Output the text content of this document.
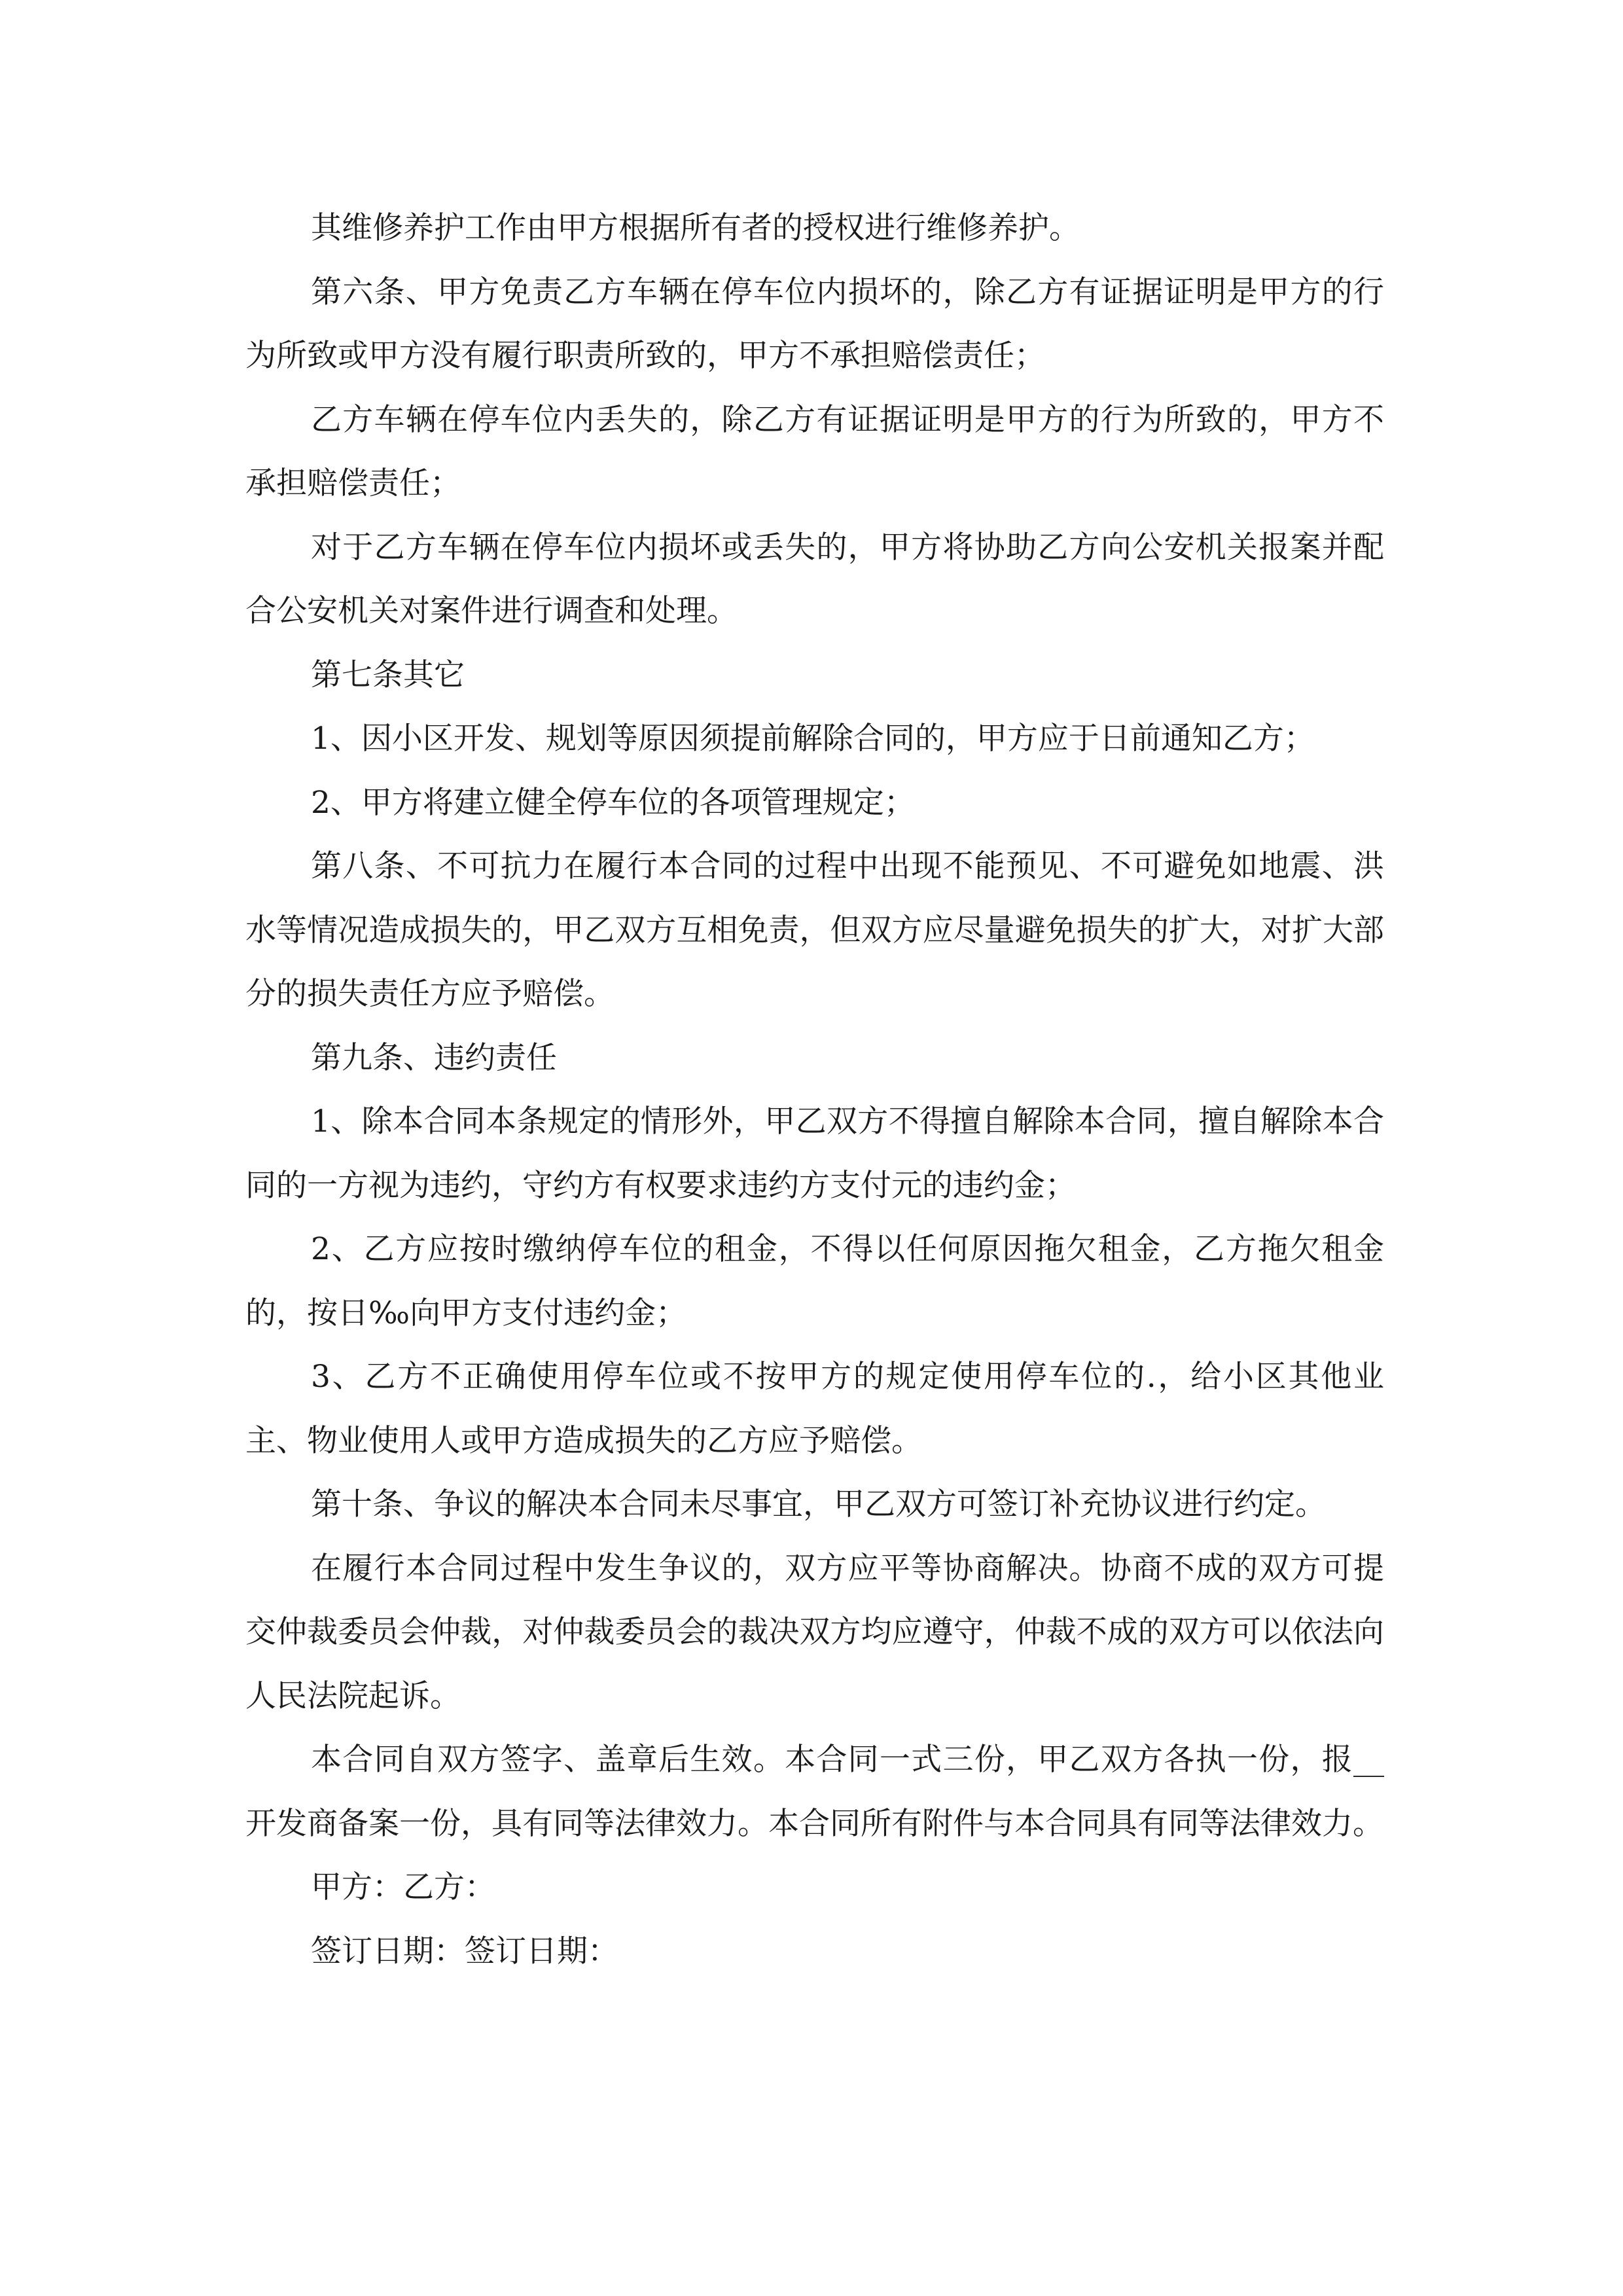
其维修养护工作由甲方根据所有者的授权进行维修养护。

第六条、甲方免责乙方车辆在停车位内损坏的，除乙方有证据证明是甲方的行为所致或甲方没有履行职责所致的，甲方不承担赔偿责任；

乙方车辆在停车位内丢失的，除乙方有证据证明是甲方的行为所致的，甲方不承担赔偿责任；

对于乙方车辆在停车位内损坏或丢失的，甲方将协助乙方向公安机关报案并配合公安机关对案件进行调查和处理。

第七条其它

1、因小区开发、规划等原因须提前解除合同的，甲方应于日前通知乙方；

2、甲方将建立健全停车位的各项管理规定；

第八条、不可抗力在履行本合同的过程中出现不能预见、不可避免如地震、洪水等情况造成损失的，甲乙双方互相免责，但双方应尽量避免损失的扩大，对扩大部分的损失责任方应予赔偿。

第九条、违约责任

1、除本合同本条规定的情形外，甲乙双方不得擅自解除本合同，擅自解除本合同的一方视为违约，守约方有权要求违约方支付元的违约金；

2、乙方应按时缴纳停车位的租金，不得以任何原因拖欠租金，乙方拖欠租金的，按日‰向甲方支付违约金；

3、乙方不正确使用停车位或不按甲方的规定使用停车位的.，给小区其他业主、物业使用人或甲方造成损失的乙方应予赔偿。

第十条、争议的解决本合同未尽事宜，甲乙双方可签订补充协议进行约定。

在履行本合同过程中发生争议的，双方应平等协商解决。协商不成的双方可提交仲裁委员会仲裁，对仲裁委员会的裁决双方均应遵守，仲裁不成的双方可以依法向人民法院起诉。

本合同自双方签字、盖章后生效。本合同一式三份，甲乙双方各执一份，报__开发商备案一份，具有同等法律效力。本合同所有附件与本合同具有同等法律效力。

甲方：乙方：

签订日期：签订日期：
